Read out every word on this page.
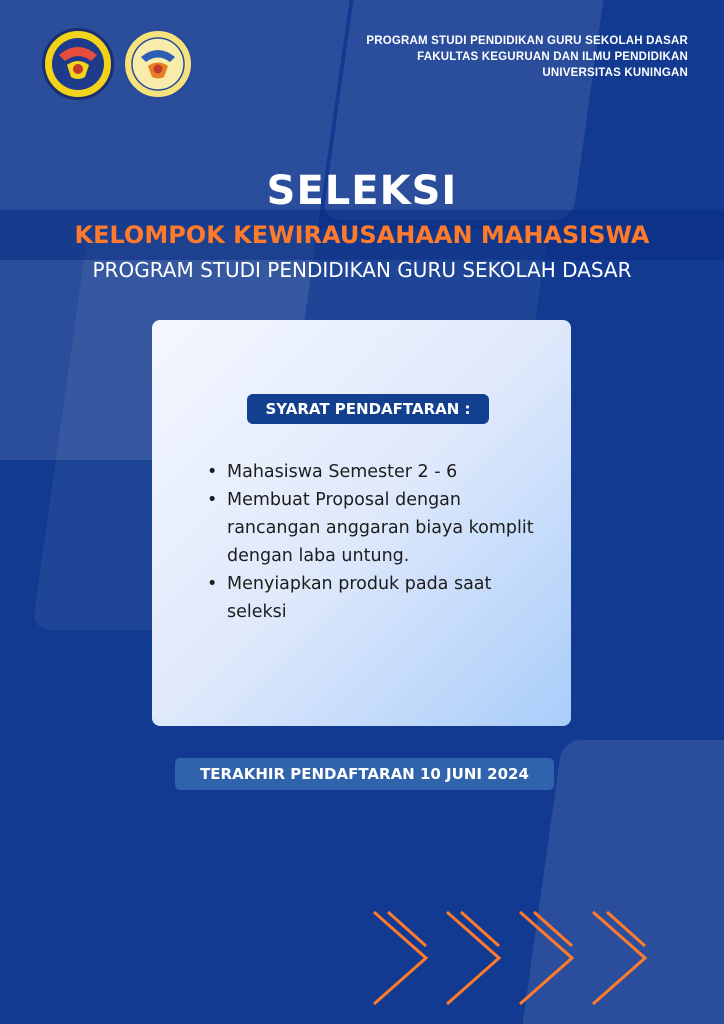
PROGRAM STUDI PENDIDIKAN GURU SEKOLAH DASAR
FAKULTAS KEGURUAN DAN ILMU PENDIDIKAN
UNIVERSITAS KUNINGAN
SELEKSI
KELOMPOK KEWIRAUSAHAAN MAHASISWA
PROGRAM STUDI PENDIDIKAN GURU SEKOLAH DASAR
SYARAT PENDAFTARAN :
• Mahasiswa Semester 2 - 6
• Membuat Proposal dengan rancangan anggaran biaya komplit dengan laba untung.
• Menyiapkan produk pada saat seleksi
TERAKHIR PENDAFTARAN 10 JUNI 2024
